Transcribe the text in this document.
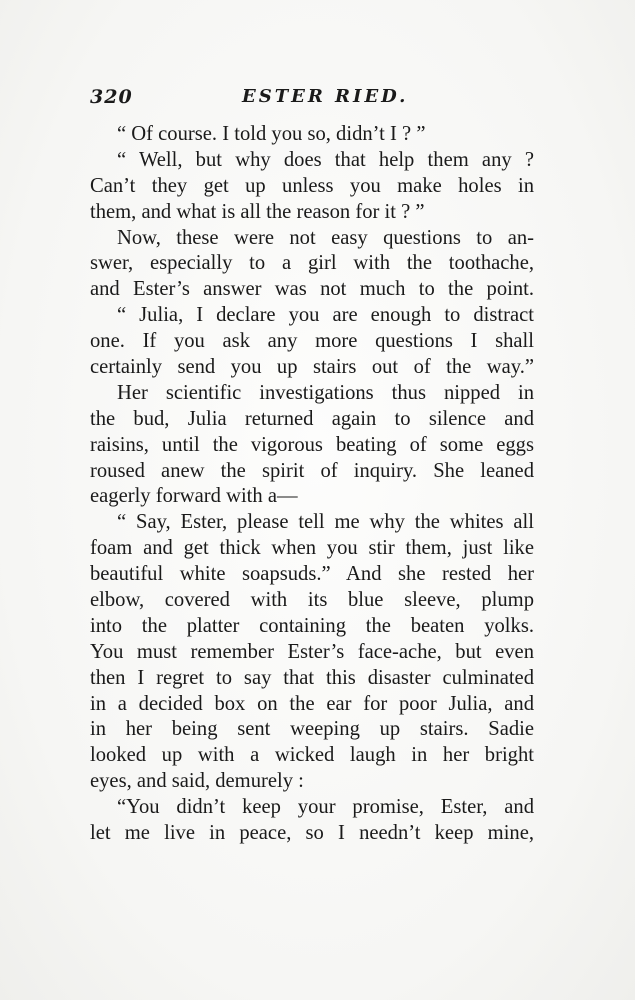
320	ESTER RIED.
“ Of course. I told you so, didn’t I ? ”
“ Well, but why does that help them any ?
Can’t they get up unless you make holes in
them, and what is all the reason for it ? ”
Now, these were not easy questions to an-
swer, especially to a girl with the toothache,
and Ester’s answer was not much to the point.
“ Julia, I declare you are enough to distract
one. If you ask any more questions I shall
certainly send you up stairs out of the way.”
Her scientific investigations thus nipped in
the bud, Julia returned again to silence and
raisins, until the vigorous beating of some eggs
roused anew the spirit of inquiry. She leaned
eagerly forward with a—
“ Say, Ester, please tell me why the whites all
foam and get thick when you stir them, just like
beautiful white soapsuds.” And she rested her
elbow, covered with its blue sleeve, plump
into the platter containing the beaten yolks.
You must remember Ester’s face-ache, but even
then I regret to say that this disaster culminated
in a decided box on the ear for poor Julia, and
in her being sent weeping up stairs. Sadie
looked up with a wicked laugh in her bright
eyes, and said, demurely :
“You didn’t keep your promise, Ester, and
let me live in peace, so I needn’t keep mine,
